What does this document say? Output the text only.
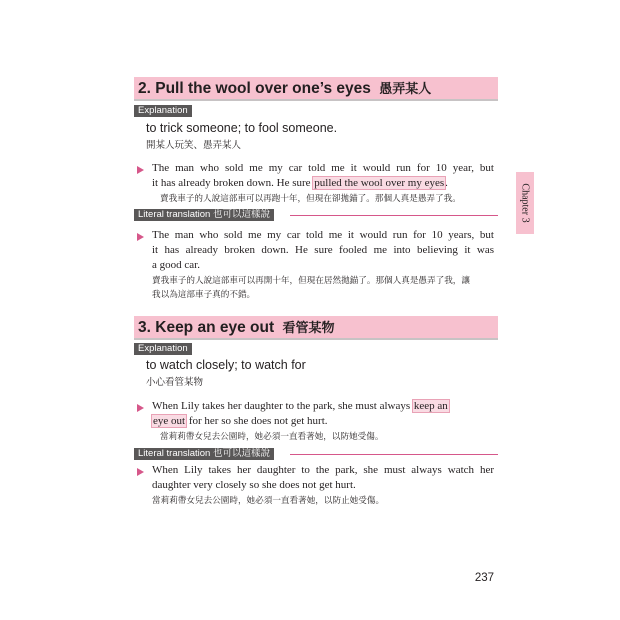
2. Pull the wool over one’s eyes 愚弄某人
Explanation
to trick someone; to fool someone.
開某人玩笑、愚弄某人
The man who sold me my car told me it would run for 10 year, but
it has already broken down. He sure pulled the wool over my eyes.
賣我車子的人說這部車可以再跑十年，但現在卻拋錨了。那個人真是愚弄了我。
Literal translation 也可以這樣說
The man who sold me my car told me it would run for 10 years, but
it has already broken down. He sure fooled me into believing it was
a good car.
賣我車子的人說這部車可以再開十年，但現在居然拋錨了。那個人真是愚弄了我，讓
我以為這部車子真的不錯。
3. Keep an eye out 看管某物
Explanation
to watch closely; to watch for
小心看管某物
When Lily takes her daughter to the park, she must always keep an
eye out for her so she does not get hurt.
當莉莉帶女兒去公園時，她必須一直看著她，以防她受傷。
Literal translation 也可以這樣說
When Lily takes her daughter to the park, she must always watch her
daughter very closely so she does not get hurt.
當莉莉帶女兒去公園時，她必須一直看著她，以防止她受傷。
Chapter 3
237
